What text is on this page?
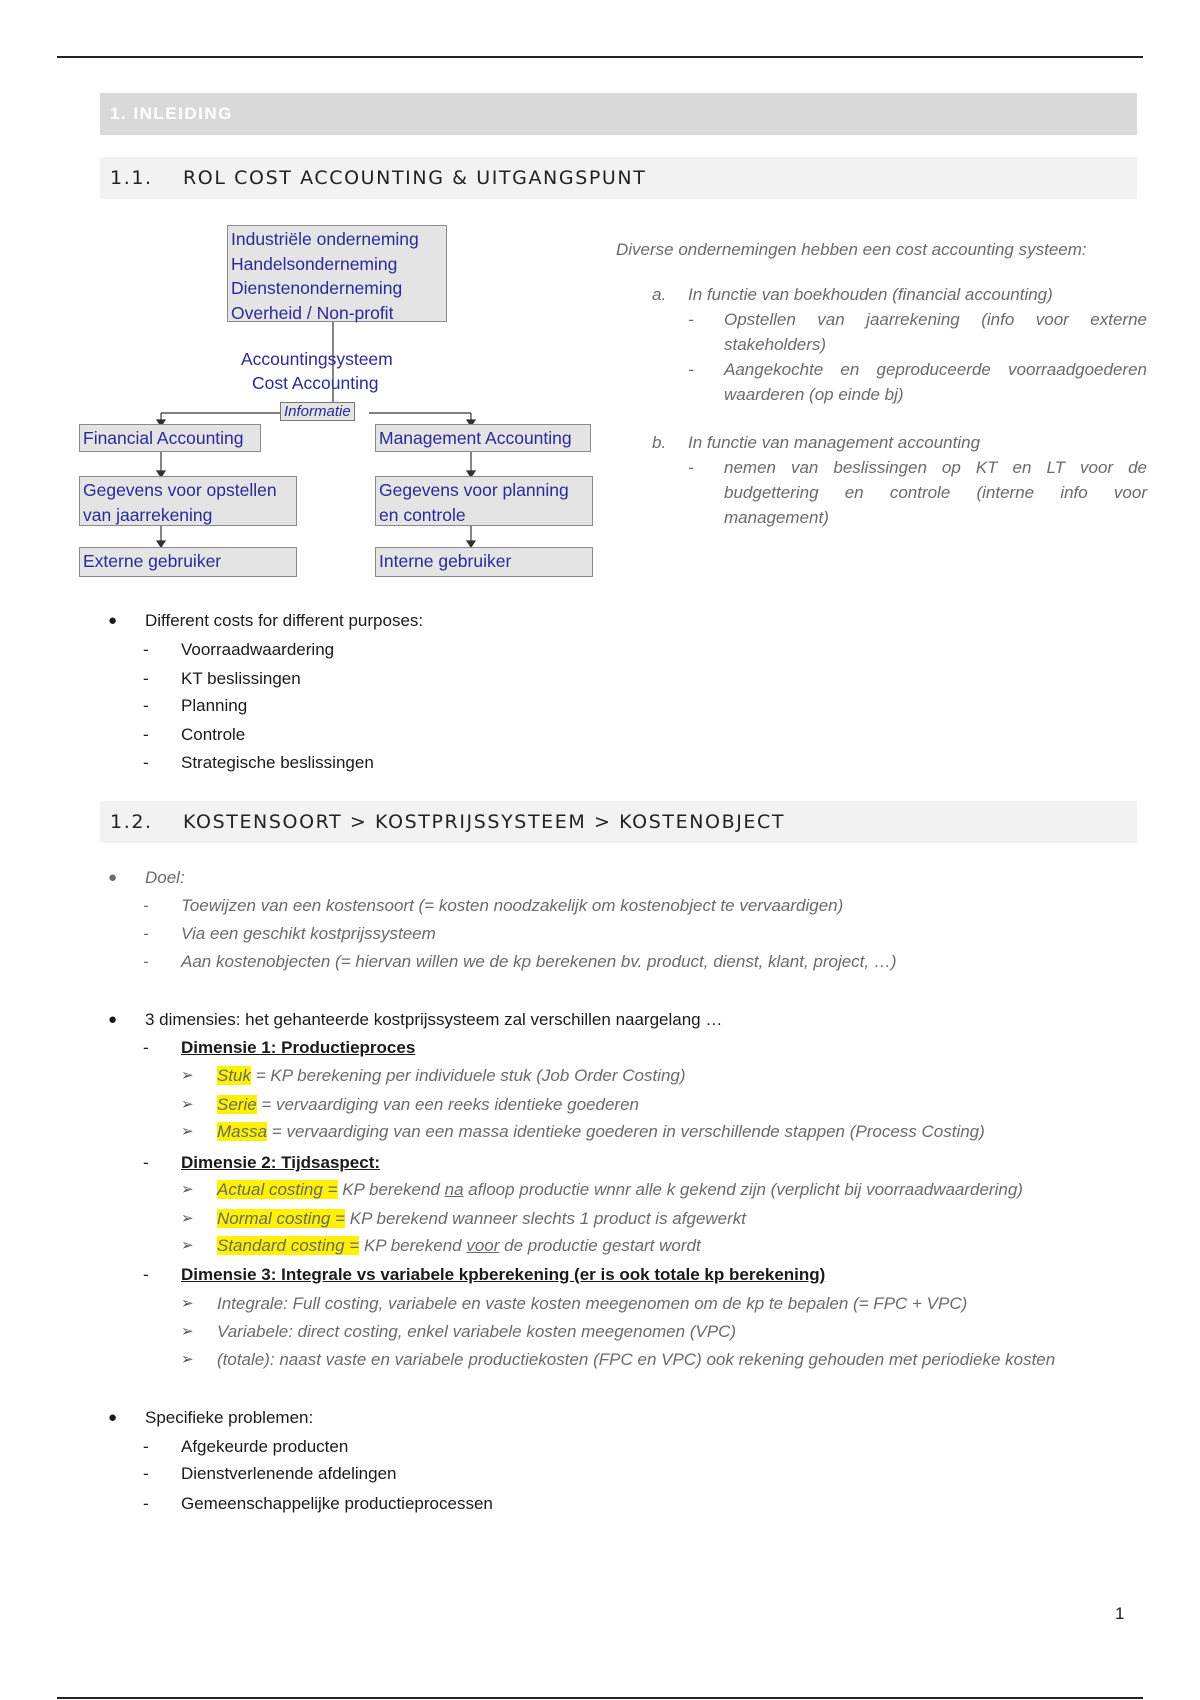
1. INLEIDING
1.1. ROL COST ACCOUNTING & UITGANGSPUNT
Industriële onderneming
Handelsonderneming
Dienstenonderneming
Overheid / Non-profit
Accountingsysteem
Cost Accounting
Informatie
Financial Accounting	Management Accounting
Gegevens voor opstellen
van jaarrekening
Gegevens voor planning
en controle
Externe gebruiker	Interne gebruiker
Diverse ondernemingen hebben een cost accounting systeem:
a. In functie van boekhouden (financial accounting)
- Opstellen van jaarrekening (info voor externe stakeholders)
- Aangekochte en geproduceerde voorraadgoederen waarderen (op einde bj)
b. In functie van management accounting
- nemen van beslissingen op KT en LT voor de budgettering en controle (interne info voor management)
● Different costs for different purposes:
- Voorraadwaardering
- KT beslissingen
- Planning
- Controle
- Strategische beslissingen
1.2. KOSTENSOORT > KOSTPRIJSSYSTEEM > KOSTENOBJECT
● Doel:
- Toewijzen van een kostensoort (= kosten noodzakelijk om kostenobject te vervaardigen)
- Via een geschikt kostprijssysteem
- Aan kostenobjecten (= hiervan willen we de kp berekenen bv. product, dienst, klant, project, …)
● 3 dimensies: het gehanteerde kostprijssysteem zal verschillen naargelang …
- Dimensie 1: Productieproces
➢ Stuk = KP berekening per individuele stuk (Job Order Costing)
➢ Serie = vervaardiging van een reeks identieke goederen
➢ Massa = vervaardiging van een massa identieke goederen in verschillende stappen (Process Costing)
- Dimensie 2: Tijdsaspect:
➢ Actual costing = KP berekend na afloop productie wnnr alle k gekend zijn (verplicht bij voorraadwaardering)
➢ Normal costing = KP berekend wanneer slechts 1 product is afgewerkt
➢ Standard costing = KP berekend voor de productie gestart wordt
- Dimensie 3: Integrale vs variabele kpberekening (er is ook totale kp berekening)
➢ Integrale: Full costing, variabele en vaste kosten meegenomen om de kp te bepalen (= FPC + VPC)
➢ Variabele: direct costing, enkel variabele kosten meegenomen (VPC)
➢ (totale): naast vaste en variabele productiekosten (FPC en VPC) ook rekening gehouden met periodieke kosten
● Specifieke problemen:
- Afgekeurde producten
- Dienstverlenende afdelingen
- Gemeenschappelijke productieprocessen
1
